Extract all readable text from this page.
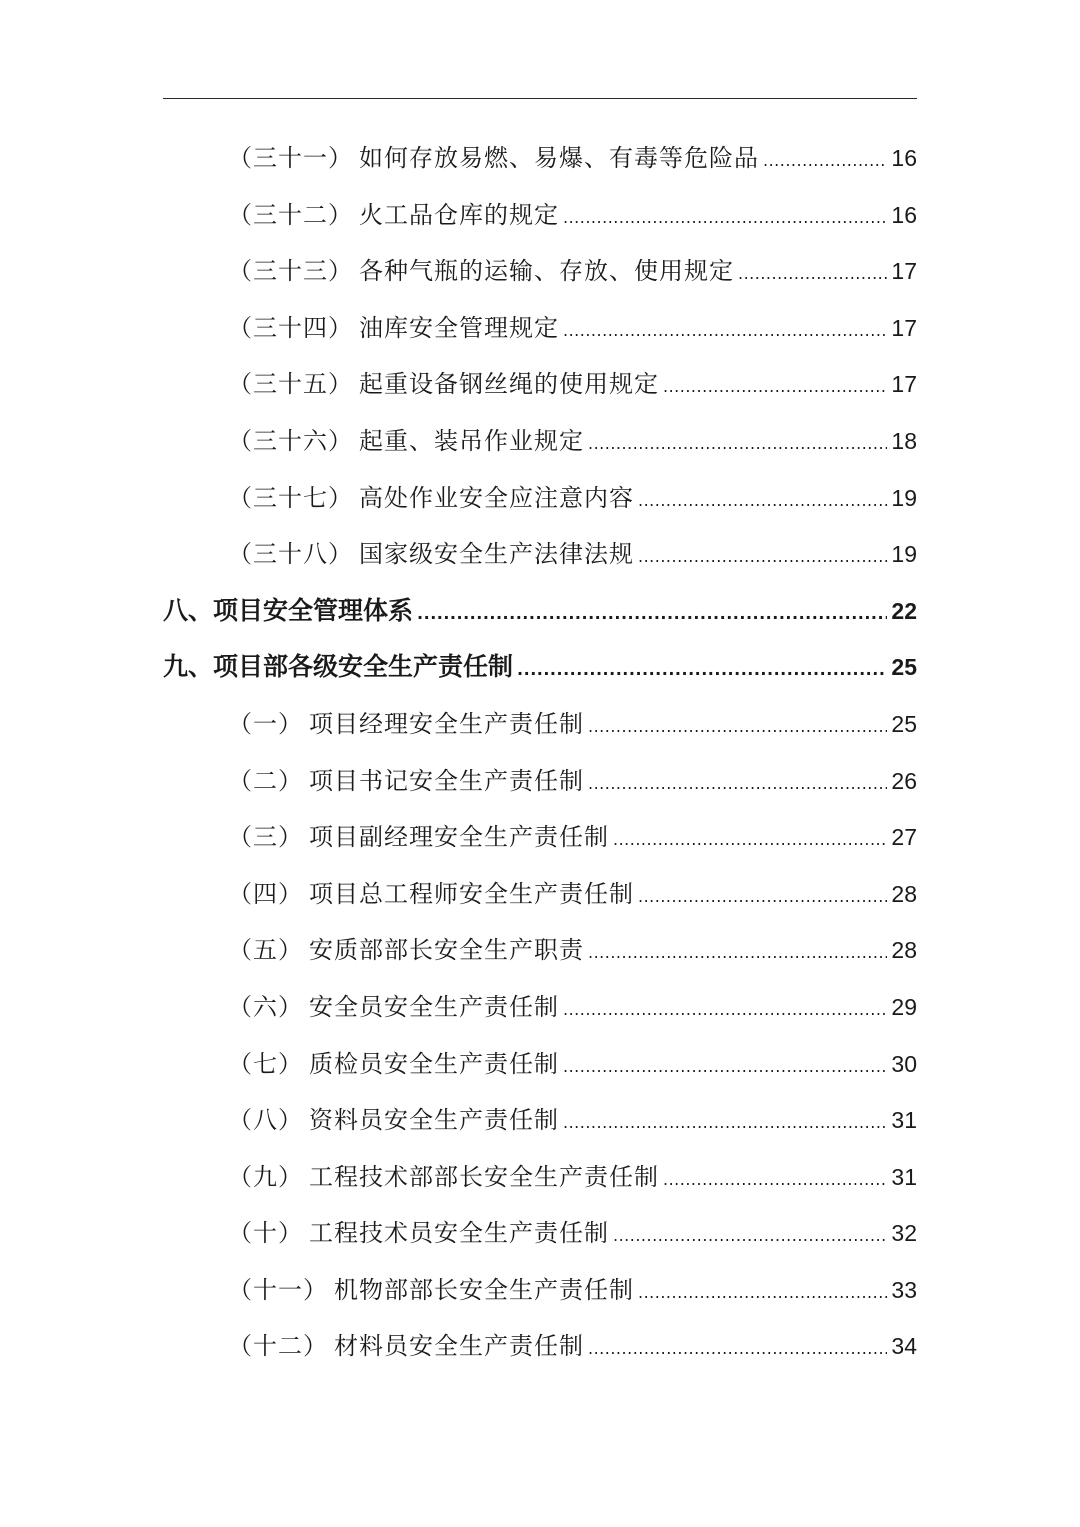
（三十一） 如何存放易燃、易爆、有毒等危险品 .....	16
（三十二） 火工品仓库的规定 .....	16
（三十三） 各种气瓶的运输、存放、使用规定 .....	17
（三十四） 油库安全管理规定 .....	17
（三十五） 起重设备钢丝绳的使用规定 .....	17
（三十六） 起重、装吊作业规定 .....	18
（三十七） 高处作业安全应注意内容 .....	19
（三十八） 国家级安全生产法律法规 .....	19
八、 项目安全管理体系 .....	22
九、 项目部各级安全生产责任制 .....	25
（一） 项目经理安全生产责任制 .....	25
（二） 项目书记安全生产责任制 .....	26
（三） 项目副经理安全生产责任制 .....	27
（四） 项目总工程师安全生产责任制 .....	28
（五） 安质部部长安全生产职责 .....	28
（六） 安全员安全生产责任制 .....	29
（七） 质检员安全生产责任制 .....	30
（八） 资料员安全生产责任制 .....	31
（九） 工程技术部部长安全生产责任制 .....	31
（十） 工程技术员安全生产责任制 .....	32
（十一） 机物部部长安全生产责任制 .....	33
（十二） 材料员安全生产责任制 .....	34
